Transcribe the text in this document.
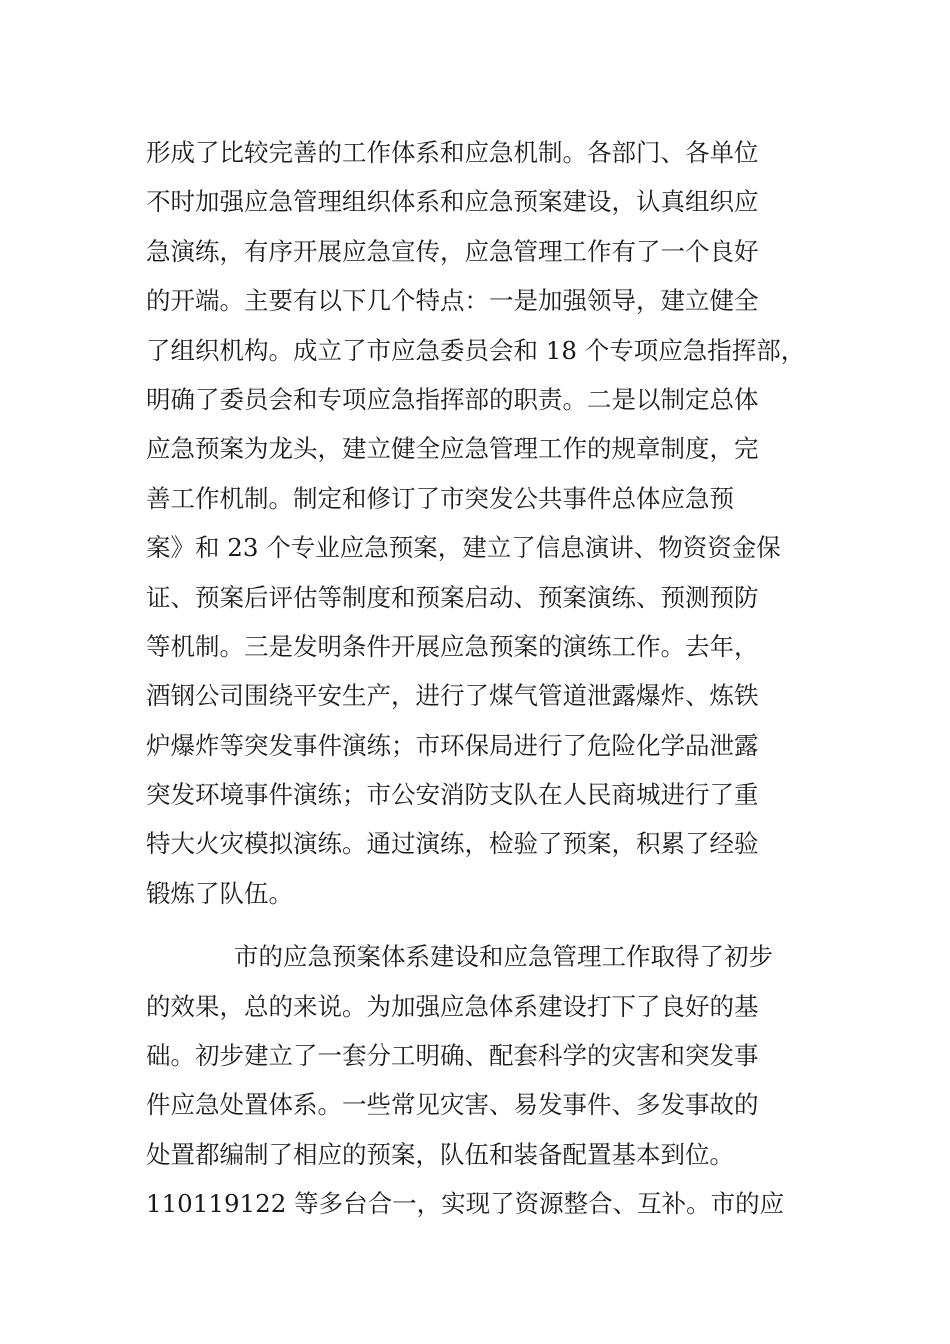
形成了比较完善的工作体系和应急机制。各部门、各单位
不时加强应急管理组织体系和应急预案建设，认真组织应
急演练，有序开展应急宣传，应急管理工作有了一个良好
的开端。主要有以下几个特点：一是加强领导，建立健全
了组织机构。成立了市应急委员会和 18 个专项应急指挥部，
明确了委员会和专项应急指挥部的职责。二是以制定总体
应急预案为龙头，建立健全应急管理工作的规章制度，完
善工作机制。制定和修订了市突发公共事件总体应急预
案》和 23 个专业应急预案，建立了信息演讲、物资资金保
证、预案后评估等制度和预案启动、预案演练、预测预防
等机制。三是发明条件开展应急预案的演练工作。去年，
酒钢公司围绕平安生产，进行了煤气管道泄露爆炸、炼铁
炉爆炸等突发事件演练；市环保局进行了危险化学品泄露
突发环境事件演练；市公安消防支队在人民商城进行了重
特大火灾模拟演练。通过演练，检验了预案，积累了经验
锻炼了队伍。
市的应急预案体系建设和应急管理工作取得了初步
的效果，总的来说。为加强应急体系建设打下了良好的基
础。初步建立了一套分工明确、配套科学的灾害和突发事
件应急处置体系。一些常见灾害、易发事件、多发事故的
处置都编制了相应的预案，队伍和装备配置基本到位。
110119122 等多台合一，实现了资源整合、互补。市的应
